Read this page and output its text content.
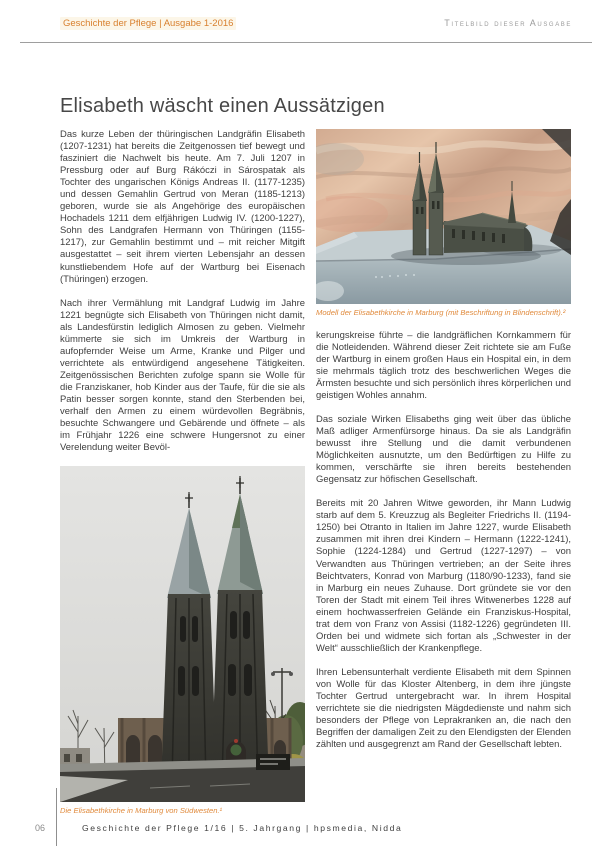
Geschichte der Pflege | Ausgabe 1-2016	Titelbild dieser Ausgabe
Elisabeth wäscht einen Aussätzigen

Das kurze Leben der thüringischen Landgräfin Elisabeth (1207-1231) hat bereits die Zeitgenossen tief bewegt und fasziniert die Nachwelt bis heute. Am 7. Juli 1207 in Pressburg oder auf Burg Rákóczi in Sárospatak als Tochter des ungarischen Königs Andreas II. (1177-1235) und dessen Gemahlin Gertrud von Meran (1185-1213) geboren, wurde sie als Angehörige des europäischen Hochadels 1211 dem elfjährigen Ludwig IV. (1200-1227), Sohn des Landgrafen Hermann von Thüringen (1155-1217), zur Gemahlin bestimmt und – mit reicher Mitgift ausgestattet – seit ihrem vierten Lebensjahr an dessen kunstliebendem Hofe auf der Wartburg bei Eisenach (Thüringen) erzogen.

Nach ihrer Vermählung mit Landgraf Ludwig im Jahre 1221 begnügte sich Elisabeth von Thüringen nicht damit, als Landesfürstin lediglich Almosen zu geben. Vielmehr kümmerte sie sich im Umkreis der Wartburg in aufopfernder Weise um Arme, Kranke und Pilger und verrichtete als entwürdigend angesehene Tätigkeiten. Zeitgenössischen Berichten zufolge spann sie Wolle für die Franziskaner, hob Kinder aus der Taufe, für die sie als Patin besser sorgen konnte, stand den Sterbenden bei, verhalf den Armen zu einem würdevollen Begräbnis, besuchte Schwangere und Gebärende und öffnete – als im Frühjahr 1226 eine schwere Hungersnot zu einer Verelendung weiter Bevöl-

Die Elisabethkirche in Marburg von Südwesten.¹
Modell der Elisabethkirche in Marburg (mit Beschriftung in Blindenschrift).²

kerungskreise führte – die landgräflichen Kornkammern für die Notleidenden. Während dieser Zeit richtete sie am Fuße der Wartburg in einem großen Haus ein Hospital ein, in dem sie mehrmals täglich trotz des beschwerlichen Weges die Ärmsten besuchte und sich persönlich ihres körperlichen und geistigen Wohles annahm.

Das soziale Wirken Elisabeths ging weit über das übliche Maß adliger Armenfürsorge hinaus. Da sie als Landgräfin bewusst ihre Stellung und die damit verbundenen Möglichkeiten ausnutzte, um den Bedürftigen zu Hilfe zu kommen, verschärfte sie ihren bereits bestehenden Gegensatz zur höfischen Gesellschaft.

Bereits mit 20 Jahren Witwe geworden, ihr Mann Ludwig starb auf dem 5. Kreuzzug als Begleiter Friedrichs II. (1194-1250) bei Otranto in Italien im Jahre 1227, wurde Elisabeth zusammen mit ihren drei Kindern – Hermann (1222-1241), Sophie (1224-1284) und Gertrud (1227-1297) – von Verwandten aus Thüringen vertrieben; an der Seite ihres Beichtvaters, Konrad von Marburg (1180/90-1233), fand sie in Marburg ein neues Zuhause. Dort gründete sie vor den Toren der Stadt mit einem Teil ihres Witwenerbes 1228 auf einem hochwasserfreien Gelände ein Franziskus-Hospital, trat dem von Franz von Assisi (1182-1226) gegründeten III. Orden bei und widmete sich fortan als „Schwester in der Welt“ ausschließlich der Krankenpflege.

Ihren Lebensunterhalt verdiente Elisabeth mit dem Spinnen von Wolle für das Kloster Altenberg, in dem ihre jüngste Tochter Gertrud untergebracht war. In ihrem Hospital verrichtete sie die niedrigsten Mägdedienste und nahm sich besonders der Pflege von Leprakranken an, die nach den Begriffen der damaligen Zeit zu den Elendigsten der Elenden zählten und ausgegrenzt am Rand der Gesellschaft lebten.

06	Geschichte der Pflege 1/16 | 5. Jahrgang | hpsmedia, Nidda
